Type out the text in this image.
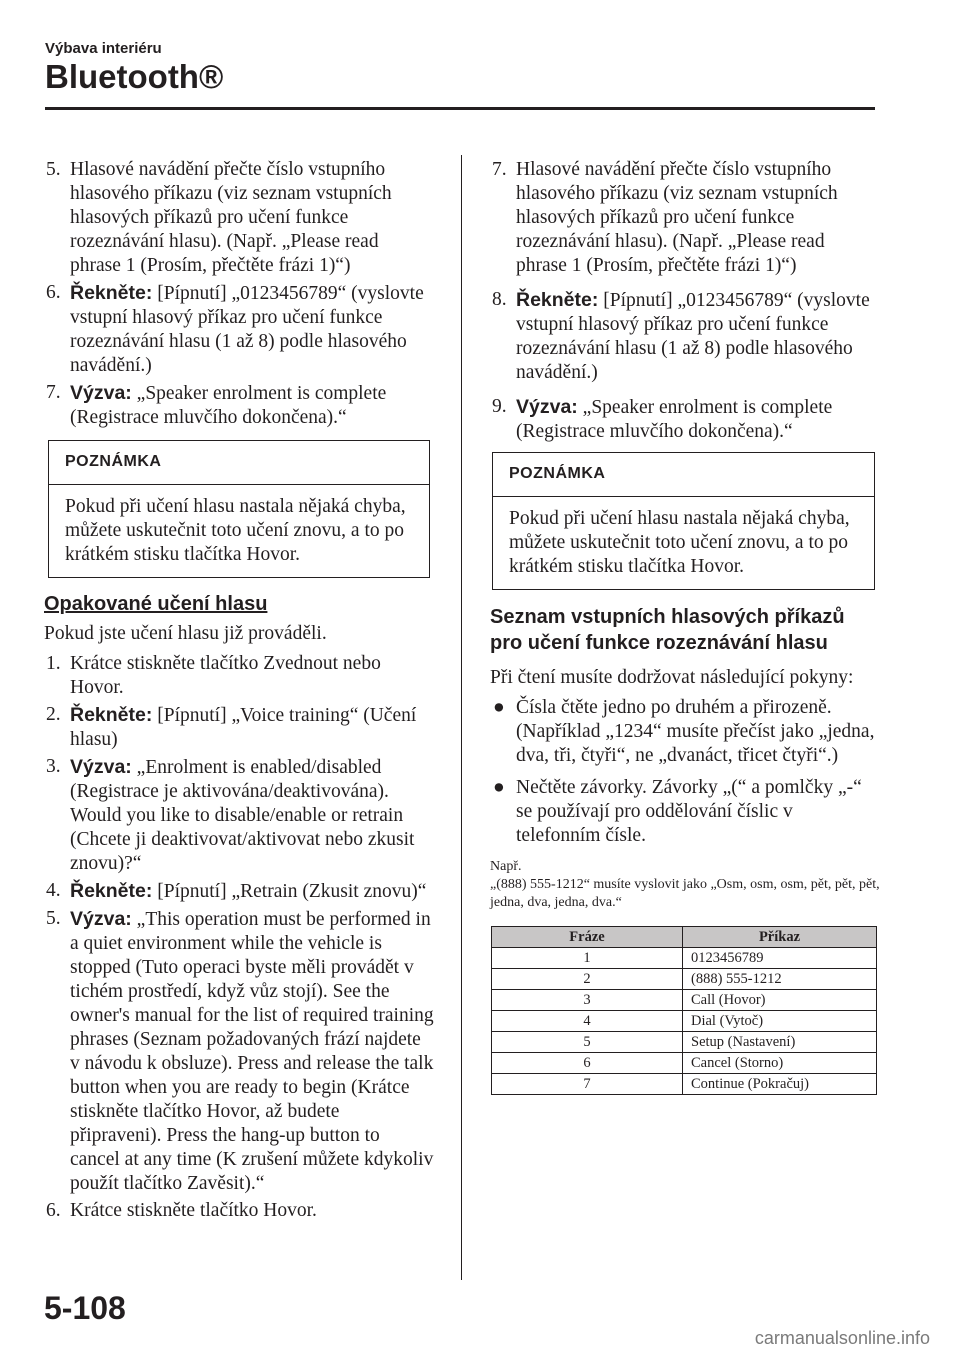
Výbava interiéru
Bluetooth®
5. Hlasové navádění přečte číslo vstupního hlasového příkazu (viz seznam vstupních hlasových příkazů pro učení funkce rozeznávání hlasu). (Např. „Please read phrase 1 (Prosím, přečtěte frázi 1)“)
6. Řekněte: [Pípnutí] „0123456789“ (vyslovte vstupní hlasový příkaz pro učení funkce rozeznávání hlasu (1 až 8) podle hlasového navádění.)
7. Výzva: „Speaker enrolment is complete (Registrace mluvčího dokončena).“
POZNÁMKA
Pokud při učení hlasu nastala nějaká chyba, můžete uskutečnit toto učení znovu, a to po krátkém stisku tlačítka Hovor.
Opakované učení hlasu
Pokud jste učení hlasu již prováděli.
1. Krátce stiskněte tlačítko Zvednout nebo Hovor.
2. Řekněte: [Pípnutí] „Voice training“ (Učení hlasu)
3. Výzva: „Enrolment is enabled/disabled (Registrace je aktivována/deaktivována). Would you like to disable/enable or retrain (Chcete ji deaktivovat/aktivovat nebo zkusit znovu)?“
4. Řekněte: [Pípnutí] „Retrain (Zkusit znovu)“
5. Výzva: „This operation must be performed in a quiet environment while the vehicle is stopped (Tuto operaci byste měli provádět v tichém prostředí, když vůz stojí). See the owner's manual for the list of required training phrases (Seznam požadovaných frází najdete v návodu k obsluze). Press and release the talk button when you are ready to begin (Krátce stiskněte tlačítko Hovor, až budete připraveni). Press the hang-up button to cancel at any time (K zrušení můžete kdykoliv použít tlačítko Zavěsit).“
6. Krátce stiskněte tlačítko Hovor.
7. Hlasové navádění přečte číslo vstupního hlasového příkazu (viz seznam vstupních hlasových příkazů pro učení funkce rozeznávání hlasu). (Např. „Please read phrase 1 (Prosím, přečtěte frázi 1)“)
8. Řekněte: [Pípnutí] „0123456789“ (vyslovte vstupní hlasový příkaz pro učení funkce rozeznávání hlasu (1 až 8) podle hlasového navádění.)
9. Výzva: „Speaker enrolment is complete (Registrace mluvčího dokončena).“
POZNÁMKA
Pokud při učení hlasu nastala nějaká chyba, můžete uskutečnit toto učení znovu, a to po krátkém stisku tlačítka Hovor.
Seznam vstupních hlasových příkazů pro učení funkce rozeznávání hlasu
Při čtení musíte dodržovat následující pokyny:
● Čísla čtěte jedno po druhém a přirozeně. (Například „1234“ musíte přečíst jako „jedna, dva, tři, čtyři“, ne „dvanáct, třicet čtyři“.)
● Nečtěte závorky. Závorky „(“ a pomlčky „-“ se používají pro oddělování číslic v telefonním čísle.
Např.
„(888) 555-1212“ musíte vyslovit jako „Osm, osm, osm, pět, pět, pět, jedna, dva, jedna, dva.“
Fráze	Příkaz
1	0123456789
2	(888) 555-1212
3	Call (Hovor)
4	Dial (Vytoč)
5	Setup (Nastavení)
6	Cancel (Storno)
7	Continue (Pokračuj)
5-108
carmanualsonline.info
